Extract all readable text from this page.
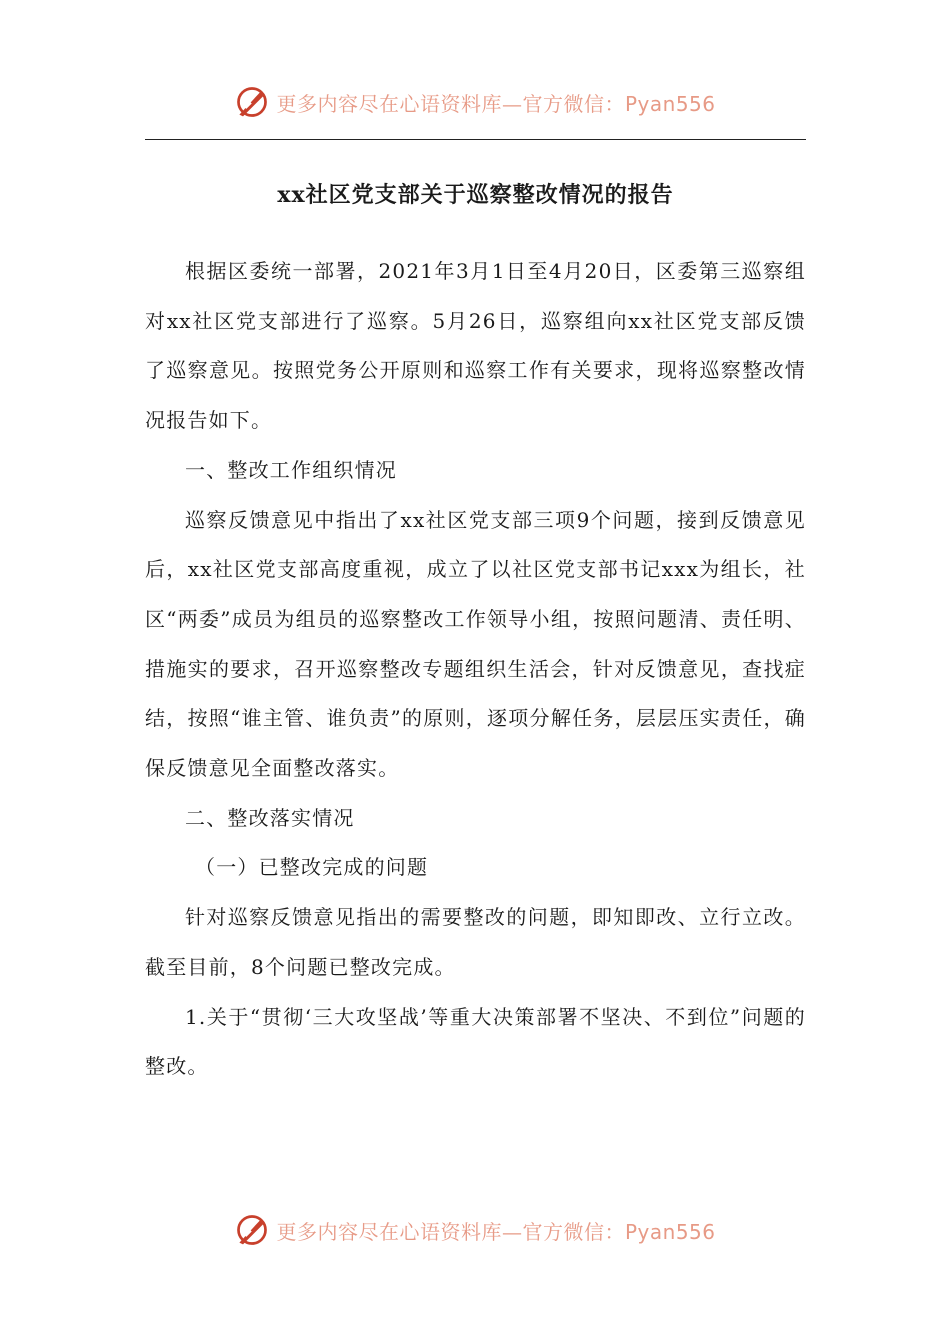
更多内容尽在心语资料库—官方微信：Pyan556
xx社区党支部关于巡察整改情况的报告

根据区委统一部署，2021年3月1日至4月20日，区委第三巡察组对xx社区党支部进行了巡察。5月26日，巡察组向xx社区党支部反馈了巡察意见。按照党务公开原则和巡察工作有关要求，现将巡察整改情况报告如下。

一、整改工作组织情况

巡察反馈意见中指出了xx社区党支部三项9个问题，接到反馈意见后，xx社区党支部高度重视，成立了以社区党支部书记xxx为组长，社区“两委”成员为组员的巡察整改工作领导小组，按照问题清、责任明、措施实的要求，召开巡察整改专题组织生活会，针对反馈意见，查找症结，按照“谁主管、谁负责”的原则，逐项分解任务，层层压实责任，确保反馈意见全面整改落实。

二、整改落实情况

（一）已整改完成的问题

针对巡察反馈意见指出的需要整改的问题，即知即改、立行立改。截至目前，8个问题已整改完成。

1.关于“贯彻‘三大攻坚战’等重大决策部署不坚决、不到位”问题的整改。

更多内容尽在心语资料库—官方微信：Pyan556
